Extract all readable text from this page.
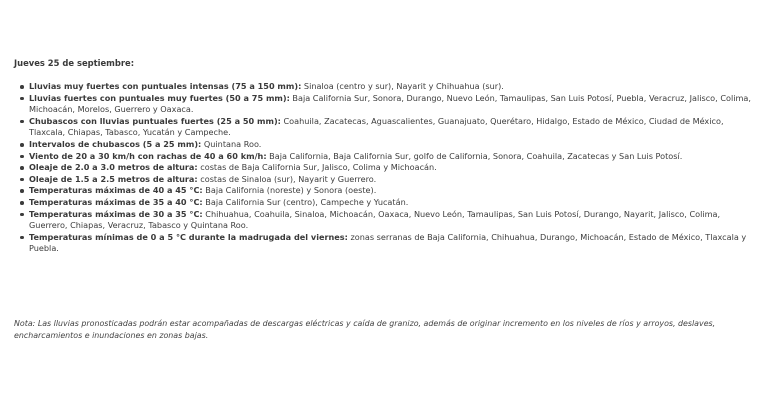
Jueves 25 de septiembre:

Lluvias muy fuertes con puntuales intensas (75 a 150 mm): Sinaloa (centro y sur), Nayarit y Chihuahua (sur).
Lluvias fuertes con puntuales muy fuertes (50 a 75 mm): Baja California Sur, Sonora, Durango, Nuevo León, Tamaulipas, San Luis Potosí, Puebla, Veracruz, Jalisco, Colima, Michoacán, Morelos, Guerrero y Oaxaca.
Chubascos con lluvias puntuales fuertes (25 a 50 mm): Coahuila, Zacatecas, Aguascalientes, Guanajuato, Querétaro, Hidalgo, Estado de México, Ciudad de México, Tlaxcala, Chiapas, Tabasco, Yucatán y Campeche.
Intervalos de chubascos (5 a 25 mm): Quintana Roo.
Viento de 20 a 30 km/h con rachas de 40 a 60 km/h: Baja California, Baja California Sur, golfo de California, Sonora, Coahuila, Zacatecas y San Luis Potosí.
Oleaje de 2.0 a 3.0 metros de altura: costas de Baja California Sur, Jalisco, Colima y Michoacán.
Oleaje de 1.5 a 2.5 metros de altura: costas de Sinaloa (sur), Nayarit y Guerrero.
Temperaturas máximas de 40 a 45 °C: Baja California (noreste) y Sonora (oeste).
Temperaturas máximas de 35 a 40 °C: Baja California Sur (centro), Campeche y Yucatán.
Temperaturas máximas de 30 a 35 °C: Chihuahua, Coahuila, Sinaloa, Michoacán, Oaxaca, Nuevo León, Tamaulipas, San Luis Potosí, Durango, Nayarit, Jalisco, Colima, Guerrero, Chiapas, Veracruz, Tabasco y Quintana Roo.
Temperaturas mínimas de 0 a 5 °C durante la madrugada del viernes: zonas serranas de Baja California, Chihuahua, Durango, Michoacán, Estado de México, Tlaxcala y Puebla.

Nota: Las lluvias pronosticadas podrán estar acompañadas de descargas eléctricas y caída de granizo, además de originar incremento en los niveles de ríos y arroyos, deslaves, encharcamientos e inundaciones en zonas bajas.
